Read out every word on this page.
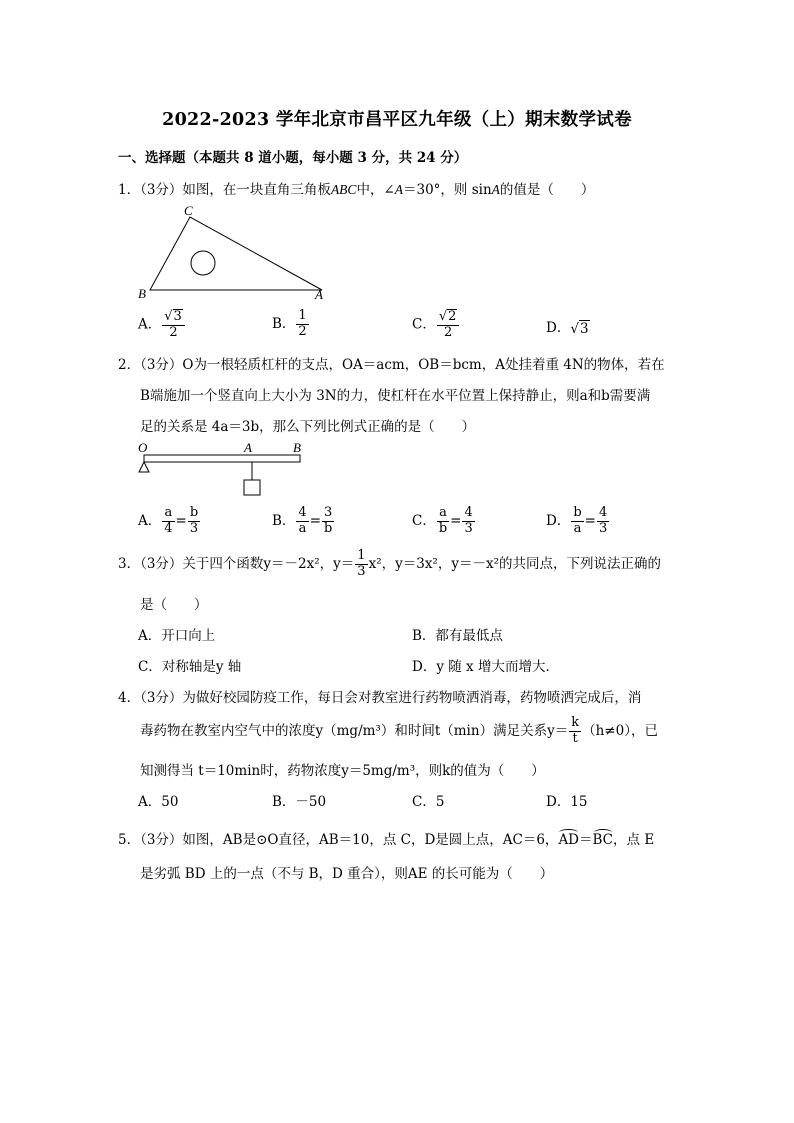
2022-2023 学年北京市昌平区九年级（上）期末数学试卷
一、选择题（本题共 8 道小题，每小题 3 分，共 24 分）
1．（3分）如图，在一块直角三角板ABC中，∠A＝30°，则 sinA的值是（　　）
C
B	A
A． $\frac{√3}{2}$	B． $\frac{1}{2}$	C． $\frac{√2}{2}$	D．√3
2．（3分）O为一根轻质杠杆的支点，OA＝acm，OB＝bcm，A处挂着重 4N的物体，若在
B端施加一个竖直向上大小为 3N的力，使杠杆在水平位置上保持静止，则a和b需要满
足的关系是 4a＝3b，那么下列比例式正确的是（　　）
O	A	B
A． $\frac{a}{4} = \frac{b}{3}$	B． $\frac{4}{a} = \frac{3}{b}$	C． $\frac{a}{b} = \frac{4}{3}$	D． $\frac{b}{a} = \frac{4}{3}$
3．（3分）关于四个函数y＝－2x²，$y= \frac{1}{3} x^2$，y＝3x²，y＝－x²的共同点，下列说法正确的
是（　　）
A．开口向上	B．都有最低点
C．对称轴是y 轴	D．y 随 x 增大而增大．
4．（3分）为做好校园防疫工作，每日会对教室进行药物喷洒消毒，药物喷洒完成后，消
毒药物在教室内空气中的浓度y（mg/m³）和时间t（min）满足关系$y= \frac{k}{t} (h\ne 0)$，已
知测得当 t＝10min时，药物浓度y＝5mg/m³，则k的值为（　　）
A．50	B．－50	C．5	D．15
5．（3分）如图，AB是⊙O直径，AB＝10，点 C，D是圆上点，AC＝6，AD＝BC，点 E
是劣弧 BD 上的一点（不与 B，D 重合），则AE 的长可能为（　　）
